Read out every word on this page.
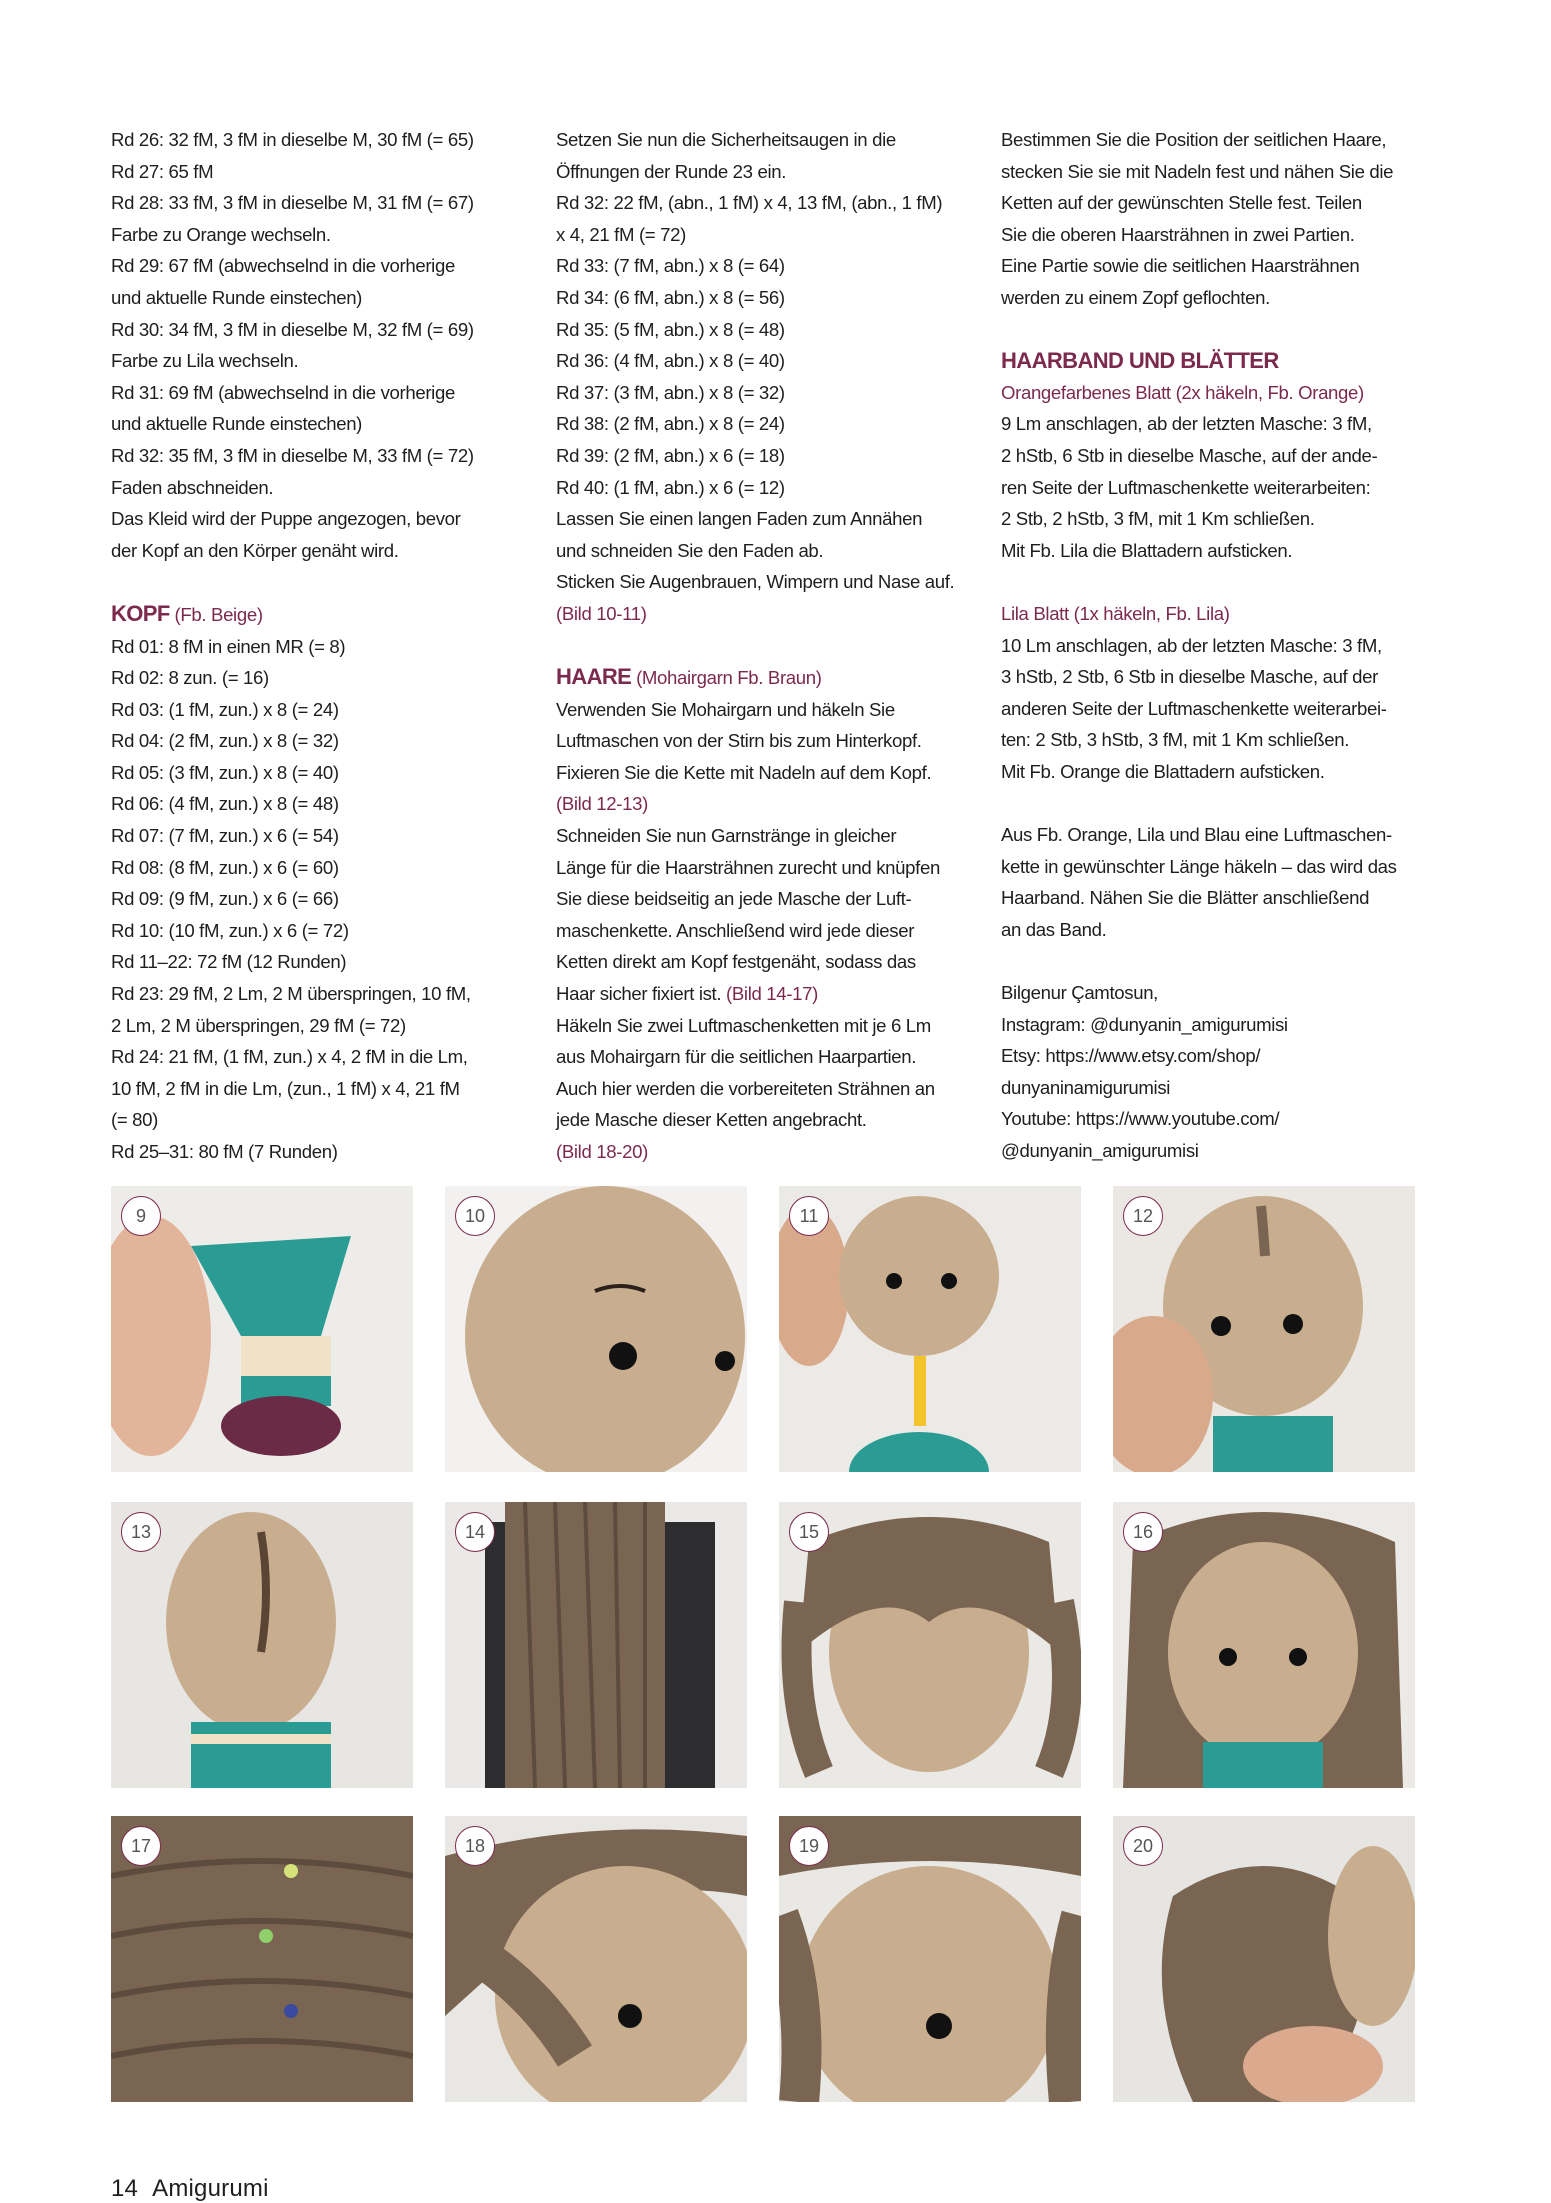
Rd 26: 32 fM, 3 fM in dieselbe M, 30 fM (= 65)
Rd 27: 65 fM
Rd 28: 33 fM, 3 fM in dieselbe M, 31 fM (= 67)
Farbe zu Orange wechseln.
Rd 29: 67 fM (abwechselnd in die vorherige
und aktuelle Runde einstechen)
Rd 30: 34 fM, 3 fM in dieselbe M, 32 fM (= 69)
Farbe zu Lila wechseln.
Rd 31: 69 fM (abwechselnd in die vorherige
und aktuelle Runde einstechen)
Rd 32: 35 fM, 3 fM in dieselbe M, 33 fM (= 72)
Faden abschneiden.
Das Kleid wird der Puppe angezogen, bevor
der Kopf an den Körper genäht wird.
KOPF (Fb. Beige)
Rd 01: 8 fM in einen MR (= 8)
Rd 02: 8 zun. (= 16)
Rd 03: (1 fM, zun.) x 8 (= 24)
Rd 04: (2 fM, zun.) x 8 (= 32)
Rd 05: (3 fM, zun.) x 8 (= 40)
Rd 06: (4 fM, zun.) x 8 (= 48)
Rd 07: (7 fM, zun.) x 6 (= 54)
Rd 08: (8 fM, zun.) x 6 (= 60)
Rd 09: (9 fM, zun.) x 6 (= 66)
Rd 10: (10 fM, zun.) x 6 (= 72)
Rd 11–22: 72 fM (12 Runden)
Rd 23: 29 fM, 2 Lm, 2 M überspringen, 10 fM,
2 Lm, 2 M überspringen, 29 fM (= 72)
Rd 24: 21 fM, (1 fM, zun.) x 4, 2 fM in die Lm,
10 fM, 2 fM in die Lm, (zun., 1 fM) x 4, 21 fM
(= 80)
Rd 25–31: 80 fM (7 Runden)
Setzen Sie nun die Sicherheitsaugen in die
Öffnungen der Runde 23 ein.
Rd 32: 22 fM, (abn., 1 fM) x 4, 13 fM, (abn., 1 fM)
x 4, 21 fM (= 72)
Rd 33: (7 fM, abn.) x 8 (= 64)
Rd 34: (6 fM, abn.) x 8 (= 56)
Rd 35: (5 fM, abn.) x 8 (= 48)
Rd 36: (4 fM, abn.) x 8 (= 40)
Rd 37: (3 fM, abn.) x 8 (= 32)
Rd 38: (2 fM, abn.) x 8 (= 24)
Rd 39: (2 fM, abn.) x 6 (= 18)
Rd 40: (1 fM, abn.) x 6 (= 12)
Lassen Sie einen langen Faden zum Annähen
und schneiden Sie den Faden ab.
Sticken Sie Augenbrauen, Wimpern und Nase auf.
(Bild 10-11)
HAARE (Mohairgarn Fb. Braun)
Verwenden Sie Mohairgarn und häkeln Sie
Luftmaschen von der Stirn bis zum Hinterkopf.
Fixieren Sie die Kette mit Nadeln auf dem Kopf.
(Bild 12-13)
Schneiden Sie nun Garnstränge in gleicher
Länge für die Haarsträhnen zurecht und knüpfen
Sie diese beidseitig an jede Masche der Luft-
maschenkette. Anschließend wird jede dieser
Ketten direkt am Kopf festgenäht, sodass das
Haar sicher fixiert ist. (Bild 14-17)
Häkeln Sie zwei Luftmaschenketten mit je 6 Lm
aus Mohairgarn für die seitlichen Haarpartien.
Auch hier werden die vorbereiteten Strähnen an
jede Masche dieser Ketten angebracht.
(Bild 18-20)
Bestimmen Sie die Position der seitlichen Haare,
stecken Sie sie mit Nadeln fest und nähen Sie die
Ketten auf der gewünschten Stelle fest. Teilen
Sie die oberen Haarsträhnen in zwei Partien.
Eine Partie sowie die seitlichen Haarsträhnen
werden zu einem Zopf geflochten.
HAARBAND UND BLÄTTER
Orangefarbenes Blatt (2x häkeln, Fb. Orange)
9 Lm anschlagen, ab der letzten Masche: 3 fM,
2 hStb, 6 Stb in dieselbe Masche, auf der ande-
ren Seite der Luftmaschenkette weiterarbeiten:
2 Stb, 2 hStb, 3 fM, mit 1 Km schließen.
Mit Fb. Lila die Blattadern aufsticken.
Lila Blatt (1x häkeln, Fb. Lila)
10 Lm anschlagen, ab der letzten Masche: 3 fM,
3 hStb, 2 Stb, 6 Stb in dieselbe Masche, auf der
anderen Seite der Luftmaschenkette weiterarbei-
ten: 2 Stb, 3 hStb, 3 fM, mit 1 Km schließen.
Mit Fb. Orange die Blattadern aufsticken.
Aus Fb. Orange, Lila und Blau eine Luftmaschen-
kette in gewünschter Länge häkeln – das wird das
Haarband. Nähen Sie die Blätter anschließend
an das Band.
Bilgenur Çamtosun,
Instagram: @dunyanin_amigurumisi
Etsy: https://www.etsy.com/shop/
dunyaninamigurumisi
Youtube: https://www.youtube.com/
@dunyanin_amigurumisi
9	10	11	12
13	14	15	16
17	18	19	20
14 Amigurumi
